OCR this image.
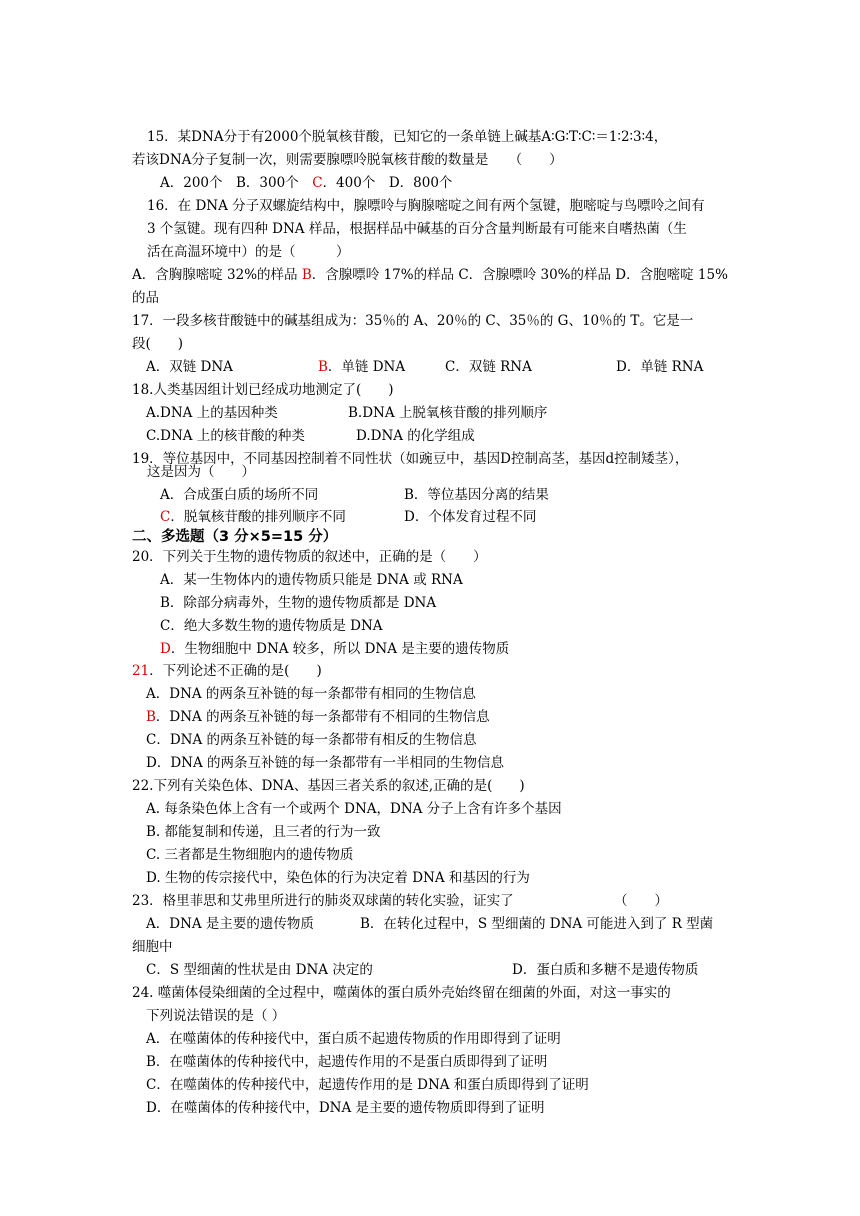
15．某DNA分于有2000个脱氧核苷酸，已知它的一条单链上碱基A∶G∶T∶C∶＝1∶2∶3∶4，
若该DNA分子复制一次，则需要腺嘌呤脱氧核苷酸的数量是　　（　　）
A．200个　B．300个　C．400个　D．800个
16．在 DNA 分子双螺旋结构中，腺嘌呤与胸腺嘧啶之间有两个氢键，胞嘧啶与鸟嘌呤之间有
3 个氢键。现有四种 DNA 样品，根据样品中碱基的百分含量判断最有可能来自嗜热菌（生
活在高温环境中）的是（　　　）
A．含胸腺嘧啶 32%的样品 B．含腺嘌呤 17%的样品 C．含腺嘌呤 30%的样品 D．含胞嘧啶 15%
的品
17．一段多核苷酸链中的碱基组成为：35％的 A、20％的 C、35％的 G、10％的 T。它是一
段(　　)
A．双链 DNA	B．单链 DNA	C．双链 RNA	D．单链 RNA
18.人类基因组计划已经成功地测定了(　　)
A.DNA 上的基因种类	B.DNA 上脱氧核苷酸的排列顺序
C.DNA 上的核苷酸的种类	D.DNA 的化学组成
19．等位基因中，不同基因控制着不同性状（如豌豆中，基因D控制高茎，基因d控制矮茎），
这是因为（　　）
A．合成蛋白质的场所不同	B．等位基因分离的结果
C．脱氧核苷酸的排列顺序不同	D．个体发育过程不同
二、多选题（3 分×5=15 分）
20．下列关于生物的遗传物质的叙述中，正确的是（　　）
A．某一生物体内的遗传物质只能是 DNA 或 RNA
B．除部分病毒外，生物的遗传物质都是 DNA
C．绝大多数生物的遗传物质是 DNA
D．生物细胞中 DNA 较多，所以 DNA 是主要的遗传物质
21．下列论述不正确的是(　　)
A．DNA 的两条互补链的每一条都带有相同的生物信息
B．DNA 的两条互补链的每一条都带有不相同的生物信息
C．DNA 的两条互补链的每一条都带有相反的生物信息
D．DNA 的两条互补链的每一条都带有一半相同的生物信息
22.下列有关染色体、DNA、基因三者关系的叙述,正确的是(　　)
A. 每条染色体上含有一个或两个 DNA，DNA 分子上含有许多个基因
B. 都能复制和传递，且三者的行为一致
C. 三者都是生物细胞内的遗传物质
D. 生物的传宗接代中，染色体的行为决定着 DNA 和基因的行为
23．格里菲思和艾弗里所进行的肺炎双球菌的转化实验，证实了	（　　）
A．DNA 是主要的遗传物质	B．在转化过程中，S 型细菌的 DNA 可能进入到了 R 型菌
细胞中
C．S 型细菌的性状是由 DNA 决定的	D．蛋白质和多糖不是遗传物质
24. 噬菌体侵染细菌的全过程中，噬菌体的蛋白质外壳始终留在细菌的外面，对这一事实的
下列说法错误的是（ ）
A．在噬菌体的传种接代中，蛋白质不起遗传物质的作用即得到了证明
B．在噬菌体的传种接代中，起遗传作用的不是蛋白质即得到了证明
C．在噬菌体的传种接代中，起遗传作用的是 DNA 和蛋白质即得到了证明
D．在噬菌体的传种接代中，DNA 是主要的遗传物质即得到了证明
